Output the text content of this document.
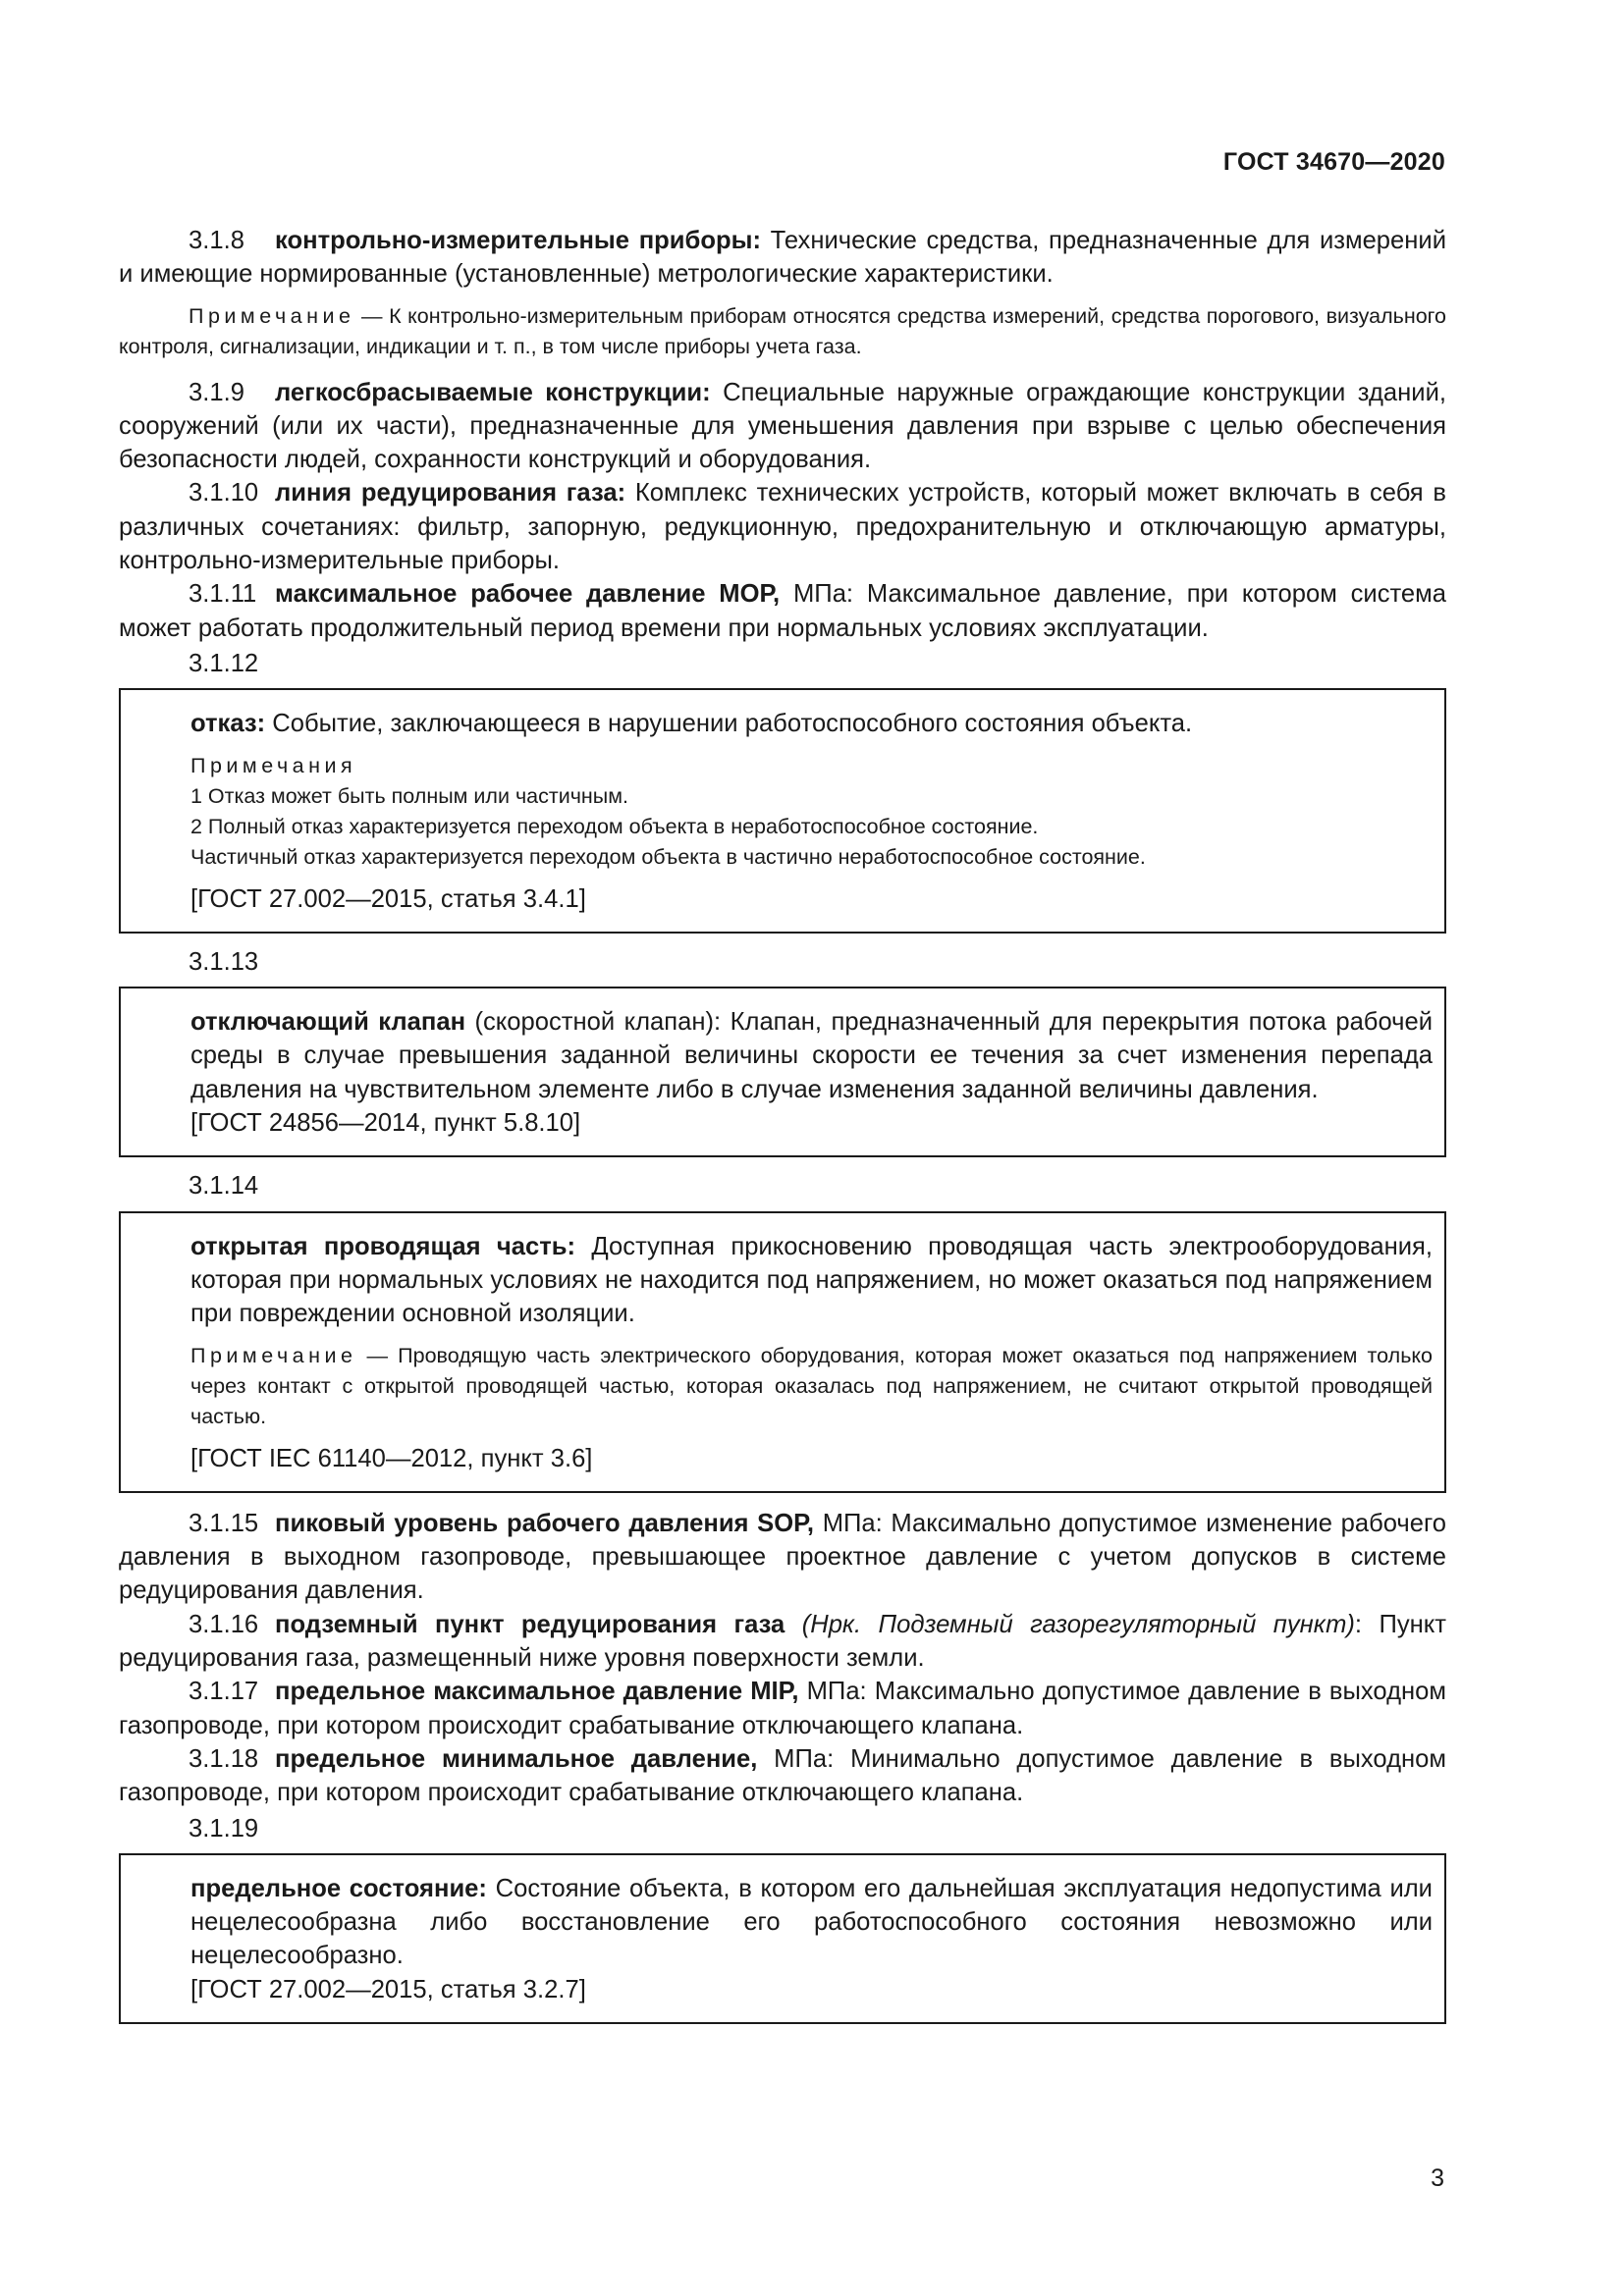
ГОСТ 34670—2020

3.1.8 контрольно-измерительные приборы: Технические средства, предназначенные для измерений и имеющие нормированные (установленные) метрологические характеристики.

Примечание — К контрольно-измерительным приборам относятся средства измерений, средства порогового, визуального контроля, сигнализации, индикации и т. п., в том числе приборы учета газа.

3.1.9 легкосбрасываемые конструкции: Специальные наружные ограждающие конструкции зданий, сооружений (или их части), предназначенные для уменьшения давления при взрыве с целью обеспечения безопасности людей, сохранности конструкций и оборудования.

3.1.10 линия редуцирования газа: Комплекс технических устройств, который может включать в себя в различных сочетаниях: фильтр, запорную, редукционную, предохранительную и отключающую арматуры, контрольно-измерительные приборы.

3.1.11 максимальное рабочее давление МОР, МПа: Максимальное давление, при котором система может работать продолжительный период времени при нормальных условиях эксплуатации.

3.1.12

отказ: Событие, заключающееся в нарушении работоспособного состояния объекта.

Примечания

1 Отказ может быть полным или частичным.

2 Полный отказ характеризуется переходом объекта в неработоспособное состояние.

Частичный отказ характеризуется переходом объекта в частично неработоспособное состояние.

[ГОСТ 27.002—2015, статья 3.4.1]

3.1.13

отключающий клапан (скоростной клапан): Клапан, предназначенный для перекрытия потока рабочей среды в случае превышения заданной величины скорости ее течения за счет изменения перепада давления на чувствительном элементе либо в случае изменения заданной величины давления.

[ГОСТ 24856—2014, пункт 5.8.10]

3.1.14

открытая проводящая часть: Доступная прикосновению проводящая часть электрооборудования, которая при нормальных условиях не находится под напряжением, но может оказаться под напряжением при повреждении основной изоляции.

Примечание — Проводящую часть электрического оборудования, которая может оказаться под напряжением только через контакт с открытой проводящей частью, которая оказалась под напряжением, не считают открытой проводящей частью.

[ГОСТ IEC 61140—2012, пункт 3.6]

3.1.15 пиковый уровень рабочего давления SOP, МПа: Максимально допустимое изменение рабочего давления в выходном газопроводе, превышающее проектное давление с учетом допусков в системе редуцирования давления.

3.1.16 подземный пункт редуцирования газа (Нрк. Подземный газорегуляторный пункт): Пункт редуцирования газа, размещенный ниже уровня поверхности земли.

3.1.17 предельное максимальное давление MIP, МПа: Максимально допустимое давление в выходном газопроводе, при котором происходит срабатывание отключающего клапана.

3.1.18 предельное минимальное давление, МПа: Минимально допустимое давление в выходном газопроводе, при котором происходит срабатывание отключающего клапана.

3.1.19

предельное состояние: Состояние объекта, в котором его дальнейшая эксплуатация недопустима или нецелесообразна либо восстановление его работоспособного состояния невозможно или нецелесообразно.

[ГОСТ 27.002—2015, статья 3.2.7]

3
